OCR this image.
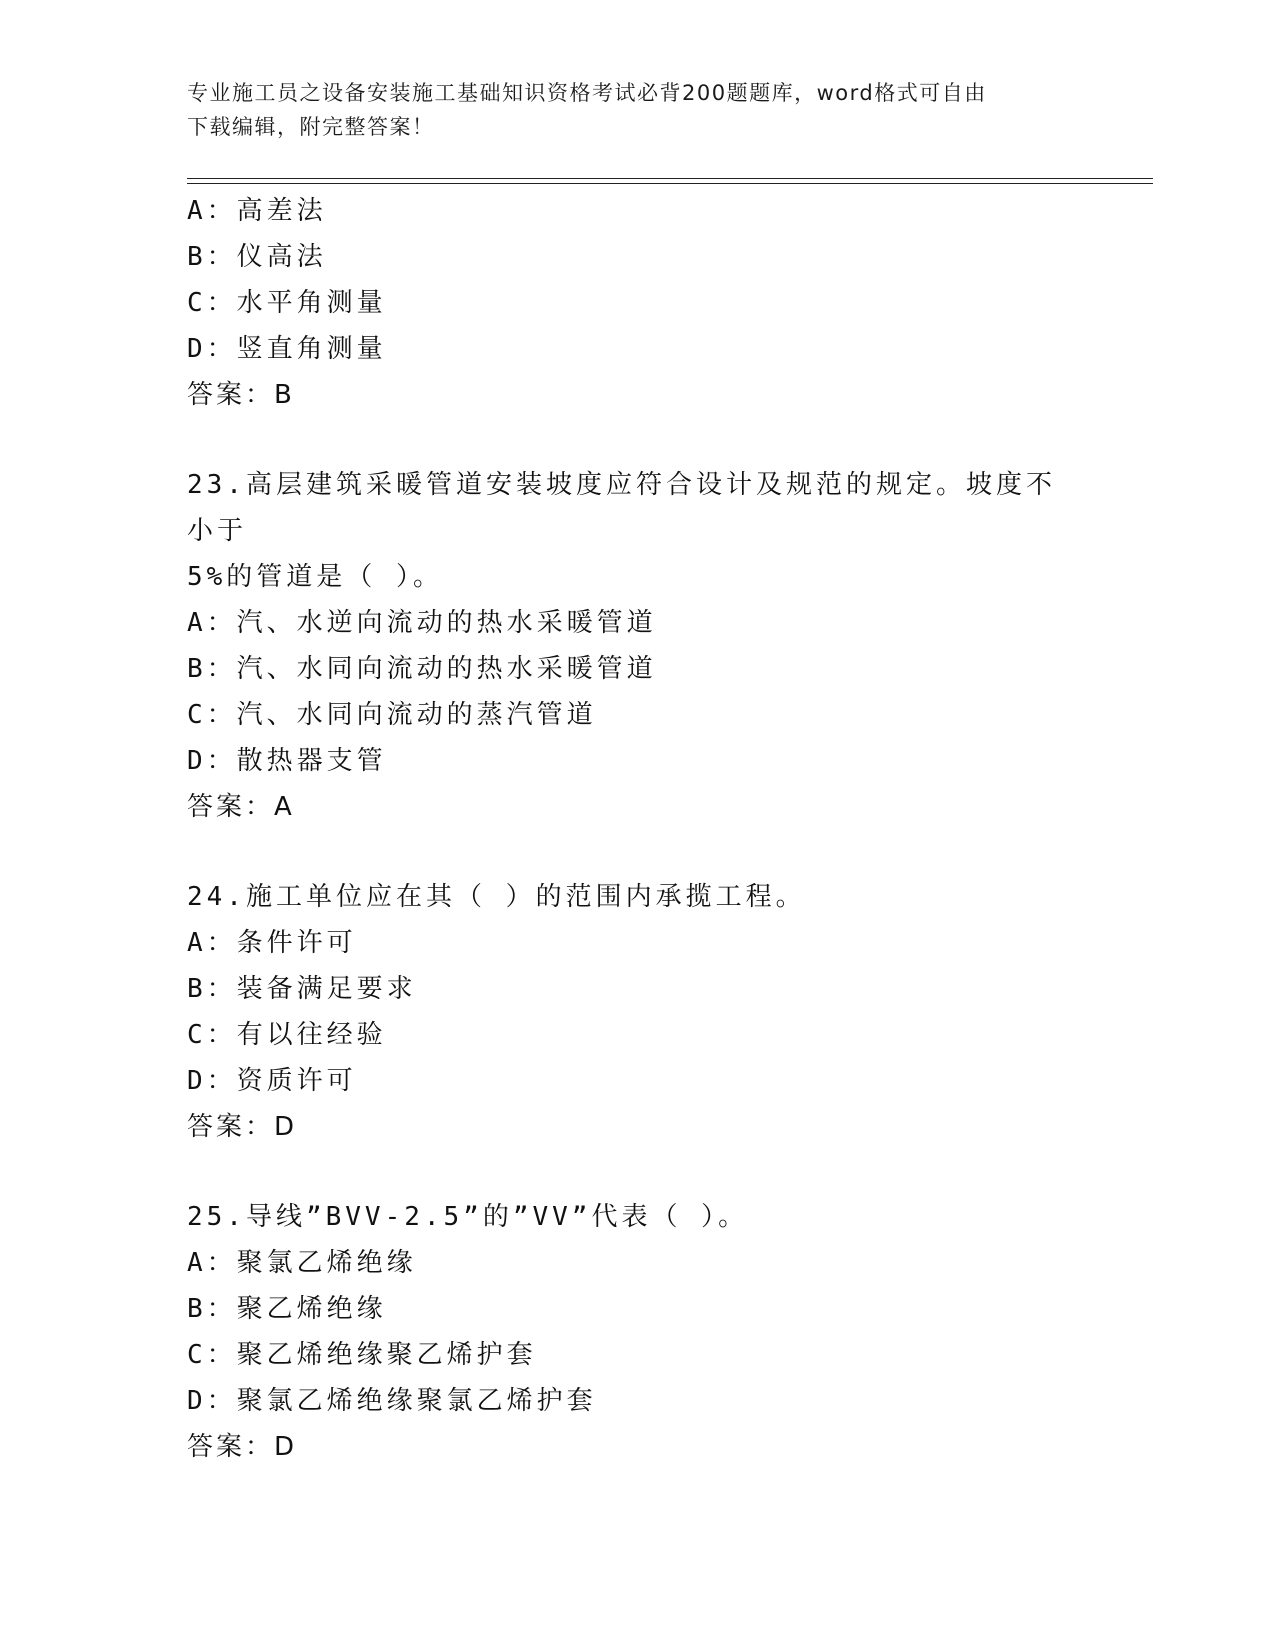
专业施工员之设备安装施工基础知识资格考试必背200题题库，word格式可自由
下载编辑，附完整答案！
A：高差法
B：仪高法
C：水平角测量
D：竖直角测量
答案：B
23.高层建筑采暖管道安装坡度应符合设计及规范的规定。坡度不小于
5%的管道是（ ）。
A：汽、水逆向流动的热水采暖管道
B：汽、水同向流动的热水采暖管道
C：汽、水同向流动的蒸汽管道
D：散热器支管
答案：A
24.施工单位应在其（ ）的范围内承揽工程。
A：条件许可
B：装备满足要求
C：有以往经验
D：资质许可
答案：D
25.导线”BVV-2.5”的”VV”代表（ ）。
A：聚氯乙烯绝缘
B：聚乙烯绝缘
C：聚乙烯绝缘聚乙烯护套
D：聚氯乙烯绝缘聚氯乙烯护套
答案：D
